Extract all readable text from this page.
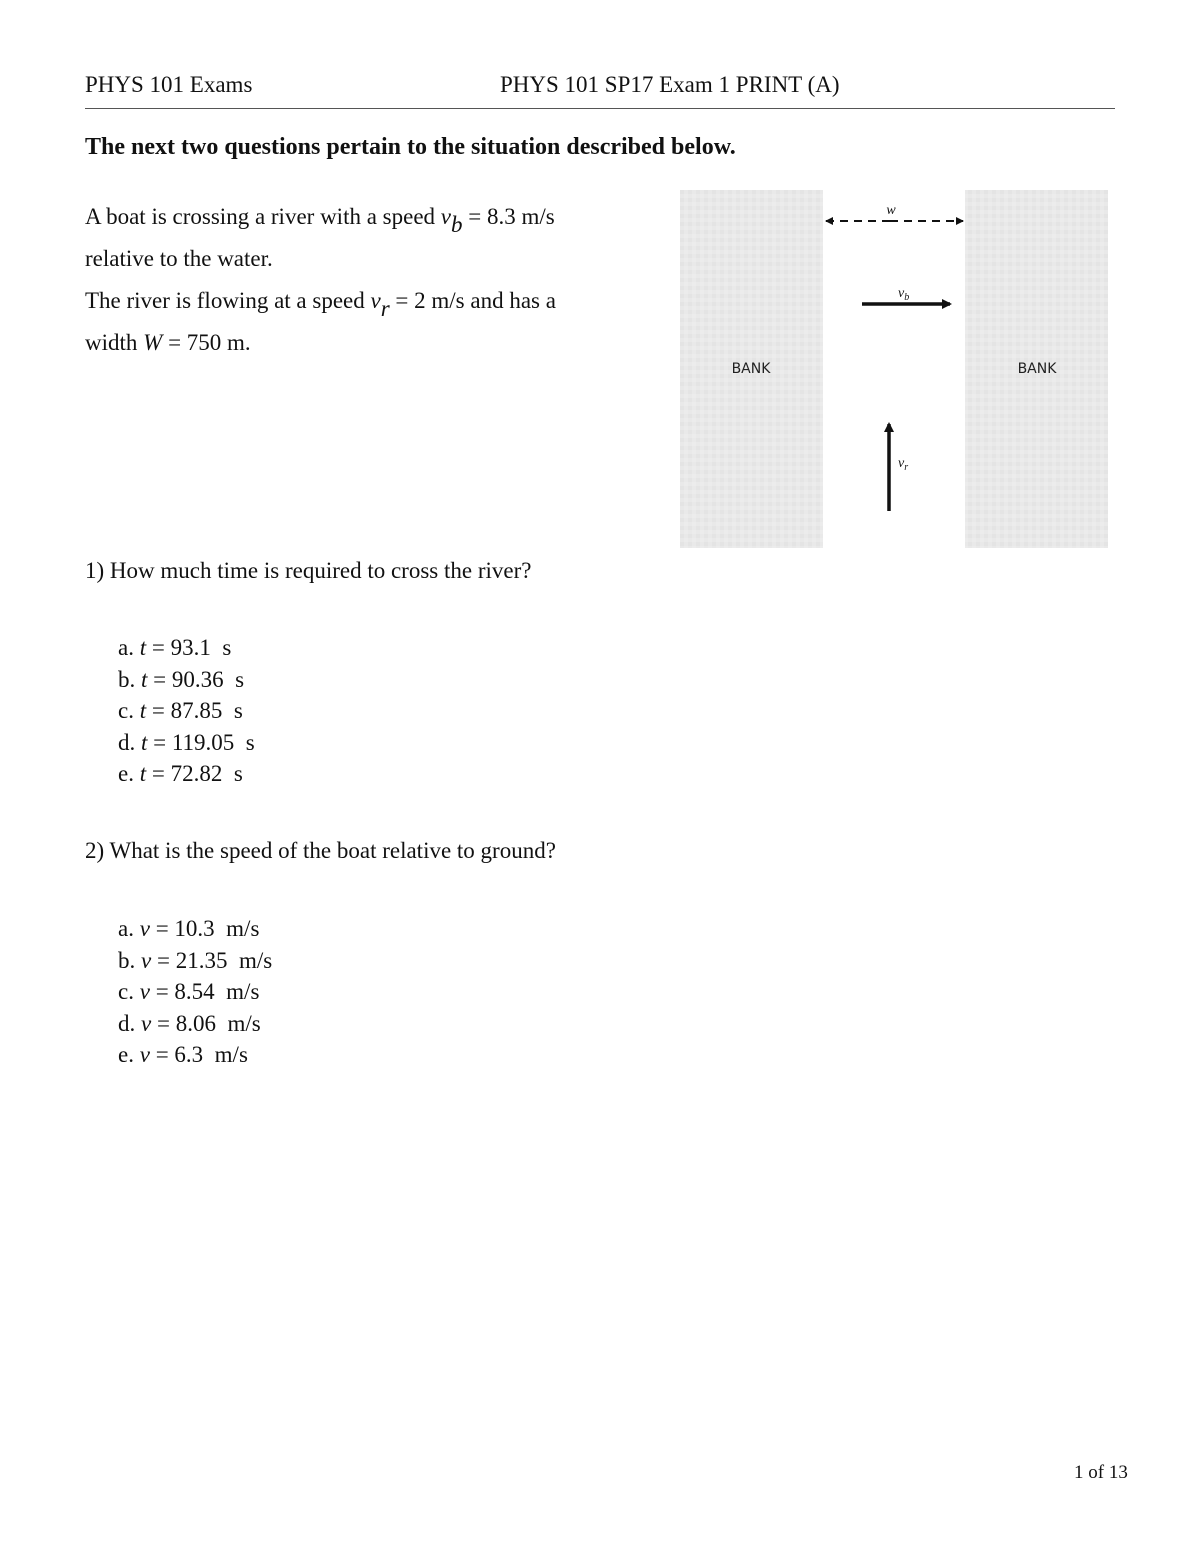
PHYS 101 Exams	PHYS 101 SP17 Exam 1 PRINT (A)
The next two questions pertain to the situation described below.
A boat is crossing a river with a speed vb = 8.3 m/s
relative to the water.
The river is flowing at a speed vr = 2 m/s and has a
width W = 750 m.
BANK	BANK
w
$v_b$
$v_r$
1) How much time is required to cross the river?
a. t = 93.1  s
b. t = 90.36  s
c. t = 87.85  s
d. t = 119.05  s
e. t = 72.82  s
2) What is the speed of the boat relative to ground?
a. v = 10.3  m/s
b. v = 21.35  m/s
c. v = 8.54  m/s
d. v = 8.06  m/s
e. v = 6.3  m/s
1 of 13
